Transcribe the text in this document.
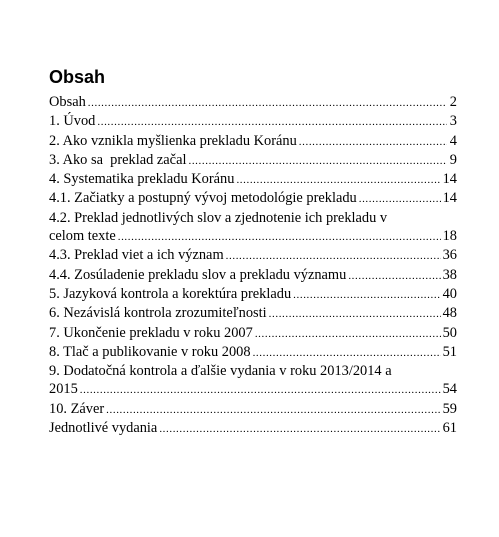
Obsah
Obsah .....	2
1. Úvod .....	3
2. Ako vznikla myšlienka prekladu Koránu .....	4
3. Ako sa  preklad začal .....	9
4. Systematika prekladu Koránu .....	14
4.1. Začiatky a postupný vývoj metodológie prekladu .....	14
4.2. Preklad jednotlivých slov a zjednotenie ich prekladu v
celom texte .....	18
4.3. Preklad viet a ich význam .....	36
4.4. Zosúladenie prekladu slov a prekladu významu .....	38
5. Jazyková kontrola a korektúra prekladu .....	40
6. Nezávislá kontrola zrozumiteľnosti .....	48
7. Ukončenie prekladu v roku 2007 .....	50
8. Tlač a publikovanie v roku 2008 .....	51
9. Dodatočná kontrola a ďalšie vydania v roku 2013/2014 a
2015 .....	54
10. Záver .....	59
Jednotlivé vydania .....	61
